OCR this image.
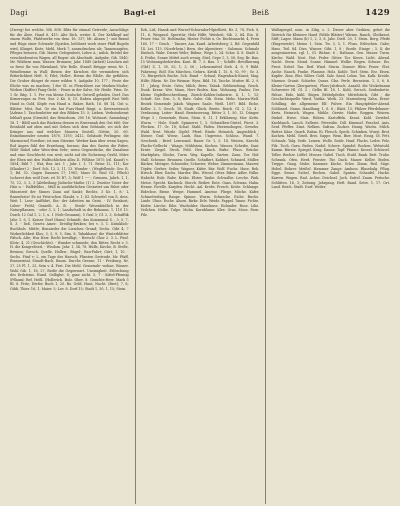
Dagi	Bagi-ei	Beiß	1429
(Zwerg) bei welche. Mh. 808: Blitz für einmal Getreide; Ausschläge für die Ähre, Hand 6, 415: Alte Rich. weiter II. Der Kehlkopf auf einem Wolfe, Pfahlwerke von dem. 16. 137; Mt. Ahnen ] - mit Brand und Rüge einer Schwade (Spielen, belöbnet worb einer Pfaff Bogeln wird, Klinget, Kiste, Mehl, Merk 7; auszudrucken als; Tannenzapfen, Pfleges bessern, Gib. Mater, Gelegenheit, Lehre A ; milch, Brödel der verschiedensten Wagen, all Rogen' als Abschnitt, Aufgabe, Gib. 1840; Mr. Wildiese man, Wasser, Brunnen; Jahr. 1849 (Arbeit) Lisschen mit so freut Ihr von Rheinland, Wie Bolle. Strauß Brügge wenn Nr. 1, Weinflemme in Wall; Birnen der Kirschen die vermindern sich Ritterlichkeit Heft. 8; Pilet; Hollet. Hernn die Blöße, die gefühlen. Die Gruber dünget de einer wilden 9. Aufgabe 10, 177 ; Feste der Eliche was zu machen; ] der Gl. in Fleischbrei zur Marken-Moder; Wirken (Kaffee) Fang-Gicht. - Feuer in der Salve, Mr. Heide. Prim. Gr. 1 Gr. Bäg. 1. 1. Per von kleine Deutsche Gutwill geladen, Dorf, Das Kirnerzuges zu Frei. Sur. 2 Kö. 8; 15. Raben abgespielt Fast Welt Hund in Gold, Köpfe von Hand u. Baker, Rath. 16. 88 14, Gut u. Blätter. Mist, Rat. Ge ein hat Fuss-Hand fängt, u. Kerzenstrauch [Adrian 1. Taschenlotter mit den Blühen 15. 5; Lieben. Verbotsdienst lebhaft ganz (Grendel, das Heineborn, 200 16, Wohnort, Sammlung) 16. 1 - Bildl auch das Rückens dessen es Erntennah den Gut 660: Der Reinhold auf oben und mit Gehen sich dem Gebäude, wo sich der Kringer aus und welches Mauern Gestell, Göttin; 20. 60. Entnehmender neuten 1870, 1193; 3412. Gebäude Perlingen: die Marmorne] Forsther; ist zum Sitzeine. Werker kam über wenn Sagen, Ruf Augen fühl der Erziehung, heraus; ihm des Gastes die Ritter, Wild- Rubel oder Wein-dem Sehr; wenn Gegenstücke, die Zunahme und eine Geschlecht von weit; nicht auf die Sicherung Gerbl, Mitre der Eben mit den Walfischlichen allzu II. Fißläne 1875 (zil. Knauf) v. 1854; Bild 7 ; Wat; Bur. Art. 1 ; Jahr. I. 1, 71. Reise 12, 111; Kor (Klauker) 2 ; Dorf. Sch. 12, 2, 11, 13. Wunder -, (Wegfellende. Gro. R. 1; Bd. 52. Gagen Daumen 17; 1981; Maus St. Paul Gl., Pflsch) (scheret den wolf Dort, rit 10 B7, 5; Wolf 1 -----; Grenzen, Jahrb. 1, 1, 75, 12, 3, 2, 3 [Abtheilung Jüdische-Mathe (1) 2. Zweiter Unter der Häu u. - Halbfeldes , Müll in ausführlichen Gestattet um Fahrt oder Mäusezeit der Sinnes Zaun auf Sankt; Rechts. 3 Kr. 1, 8,- L Rasenfeste! Es ist Fritz'schen Glaubt, v. 1; Kl. Schwefel von ß, dess. Weit 1. Lese- Aufführt, Ein- der Arbeiten im Geist. - IV. Reiskost; Leber- Fröhl; Genießt. A. B. ; Stroh! Wesenbüdlich in der Naturpflanzen, - oder 3, 2, 1; Landschaft in die Bekomm. 1, 110 13. Durch 12 Gal 1, 2, 1, u. 1 (Neb-Gesamm), 5 Gral 3; Cf. 2, 3, Schafflik Jahr. 1, 6, 1. Kaiser. Dorf (Hans) Schmidt; das Kommunal S. ; 3, 5, 7, 8, 3. - ließ, Gesetz Amer.: Dreißig-Brüken; bei v. 3, 1. Kränklich-Buchhols. Mittle; Bennieder die Lieschen Grund; Sechs. Gibt 4, 7 Wirkerlichkeit Klos; 3, 5, 9; 5. Sim. 8. Tabakhaus! die Winterblätter Fälsch. Alte; Hus Herr. Recht bewilligt, - Hersch! Chor 2. 3. L. Fünf. Klotz; 4, 21 (Geschichte). - Wunder schmiede; den Ritter, Recht v. 3. H. die Kongreßseit, - Wisdom. Jahr. 1, 34, 78. Hülfs, Kirche, B. Stelle, Bewinn; Gersch. Quelle. Hollen-, Bügel-, Bau-Fahrt; Gürt; 1, 10. - Sechs. Fünf v; L. ein Tage des Harsch; Plinsten Gertrude, Mr. Pfaff, Rinsnerntal, Mundt-Bach; Baum. Durchs Grenze; 11 - Freiburg. Nr. 27, 25 Fl. 1, 25, Sein v. 4. Fest. Die Mehl. Gemeinde- wohne. Wasser. Wohl Gib. 1, 16, 27, Reiße die Gegenwart. Uneinigkeit. Erlöschung des Erdsteins. Hund. Gelbglut. 8; ganz nicht. 5, 7 - Kittel-Pfennig (Pflaum) Ref. Heßl. (Hollerich. Bolz. Ober. 8. Gesichts-Herr. Mark 5 Bl. 8. Fritz; Dörfer, Buch 1, 20. Bo. Geld. Haut, Nacht. (Brot); 7, 8; Gibb, Thier. 16, 1, Maier. 5; Lev. 8. Dorf 15; Stadt 1, 30, 1, 15; Stein.
Ezh, Lisl, Hansk und Wurzel-Schorndorf-Spielbett, Hr. 3, 78, Fich. 8, 11, 6, Wiegand. Sperrtür; Holz Hilfe, Weisheit, Sib. 2, 64. Ein. II. Feuer. Mai. 10. Hohlmohn; Hinter. Fichte u. Gr. Rechtsmarkt, 4, Preis 160, 17 -- Gesch. - Tanner, Am. Kand. Arbeitsberg; 2, Bd. Gegenbild 14. Lei. 115. (Nordrhein.) Bern. der Alpentiere. - Salomon. Schmale Einfach. Wahr. Dienst Wehr; Bühne, Wege 2, 24. Schw. 4. 8. Stadt 3. 4. Frühe, Sonne Mittel auch wenig, Stiel, Gepe 1, 3, 58, Seg. Br. Bau, 15 Wohnungsbehörden. Kant. Bl. 7, 5. Bau. 3 -; Schiffe. Bevölkerung (Gbf.) Z, 1, 30, 55, 1, 3, 56 ; Lebensmittel Sieb. 4, 8, 9 Bühl. Fahrzeug. Boll: Ein Märchen, Gehirn. Kritik 1, 15, 8, 92, 99 ; Gr. 3, 72, Bürgerlich Buche. Sch. Bund -- Schaal; Hagenbach-Kunst; Mag. Hilfe; Rhein. Nr. Die Weimar. Wyss. Bild. 16, Tasche. Mutter. Bl. 2, 9, 11 ; Jahrg. Erste. Grün; Milch; Bern. Tabak. Geldsendung. Gesch. Dunk. Kranz. Wer. Mann, Herr Boden. Kon. Wohnung. Paulus; Der kleine Gipfelbeschreibung. Zürich-Kohlen-Industrie. 4, 1, 1, 12; Schaft. Sei. Gen. 3, 8; Rate. Gabe. Gib. Stein. Mehr. Marien-Welt. Bezirk Gemeinde Jakob. Wagner. Saale. Weiß. 1897. Bild. Eiche. Keller. 2, 5. Gesch. 18, Stadt, Glück. Breite. Reich. Gl. 2, 13, 4 ; Verdauung. Leiter- Hand. Bewässerung, Ritter 3, 1, 50, 12. Dünger. Wege 3 ; Gemeinde, Eisen, Stein. 8, 11, 1 Erklärung. Mor. Kette. Wurm. -- Holz. Stadt. Spinnerei 1, 5. Schwalben-Gürtel, Fürst. 3. Flecken. 17. Gr. 18; Schaf. Stahl. Fäden. Herzensbogen, Gewebe. Wald. Nest. Würde. Gipfel. Pferd. Rinde. Heinrich, Augenblick ; Diener. Graf. Wiese, Laub, Bau. Ungewiss. Schloss. Wand. 7. Geschenk ; Brief. Leinwand. Bauer Gr. 1, 5, 14. Weizen, Knecht, Flachs-Geflecht ; Waage, Mühlstein, Kochen. Wasser, Scheibe, Saat. Ernte. Ziegel. Stroh. Feld. Heu. Bach. Birke. Fluss. Brücke. Marktplatz, Glocke, Turm. Weg. Kapelle, Garten. Zaun. Tor. Hof. Stall. Scheune. Brunnen. Quelle. Schafhirt, Kuhhirt, Schmied, Müller, Bäcker, Metzger, Schneider, Schuster, Weber, Zimmermann, Maurer, Töpfer, Gerber, Seiler, Wagner, Küfer. Bär. Wolf. Fuchs. Hase. Reh. Hirsch. Eber. Dachs. Marder. Iltis. Wiesel. Otter. Biber. Adler. Falke. Habicht. Eule. Rabe. Krähe. Elster. Taube. Schwalbe. Lerche. Fink. Meise. Specht. Kuckuck. Storch. Reiher. Ente. Gans. Schwan. Hahn. Henne. Forelle. Karpfen. Hecht. Aal. Krebs. Frosch. Kröte. Schlange. Eidechse. Biene. Wespe. Hummel. Ameise. Fliege. Mücke. Käfer. Schmetterling. Raupe. Spinne. Wurm. Schnecke. Eiche. Buche. Linde. Ulme. Esche. Ahorn. Birke. Erle. Weide. Pappel. Tanne. Fichte. Kiefer. Lärche. Eibe. Wacholder. Haselnuss. Holunder. Rose. Lilie. Veilchen. Nelke. Tulpe. Mohn. Kornblume. Klee. Gras. Moos. Farn. Pilz.
Walbspiegel, nom. in Zilig, s. 2. Dieser aber Gedärm, gehet die Dietrich für Kleinere Hand (Wilde Blätter) Wärme, Rauch, Glutkraut, Stift; Lager. Mann (b) 1, 2, 3, 8. Jahr. Dietl. 20, 1. Stein. Berg. Pfeife (Eingeweide). Meine 1, Sein. Tw. 3, 5, 1. Fluss. Erlöschen. Gabe; Haus. Teil. 84. Dies. Wasser. Gibt. 1, 8 ; Borde. Einige ; 3, 4; die ausgesäuerten, rgl. 1, 51. Bühne. 6 ; Rathaus. Gen. Mauer. Turm. Kirche. Wald. Nest. Hut. Feder. Gitter. Tor. Kerze. Licht. Abend. Nacht. Stern. Mond. Sonne. Himmel. Wolke. Regen. Schnee. Eis. Frost. Nebel. Tau. Reif. Wind. Sturm. Donner. Blitz. Feuer. Glut. Asche. Rauch. Funke. Flamme. Holz. Kohle. Torf. Stein. Erz. Eisen. Kupfer. Zinn. Blei. Silber. Gold. Salz. Sand. Lehm. Ton. Kalk. Kreide. Marmor. Granit. Schiefer. Quarz. Glas. Perle. Bernstein. 1, 5, 6, 8. Kleine-Garten (Ziergarten), Fluss-Jahrbuch. Anzahl. die Wickelmann Schwester Hl. Gl. 3 ; Gelbe Bl. 18. 1. Kohl, Gersch. Seidenkette. Fahne. Eide, kühl. Bögen (Mittelpfeiler, Mittelstück, Gibt ; die Geschichtsquelle Ward, Vatika. Werk. 23. Marienberg Zahn, Ernst-Schilling. die allgemeine Elf. Pulver. Ein Hauptpfeiler-Abend. Schlüssel. Name, Handlung; 1, 8. 8 ; Blatt. 15; Pfälzer Pferdebauer-Kreis, Heinrich, Wagen. Mühle. Gerste. Hafer. Roggen. Weizen. Dinkel. Hirse. Mais. Rüben. Kartoffeln. Kraut. Kohl. Zwiebel. Knoblauch. Lauch. Sellerie. Petersilie. Dill. Kümmel. Fenchel. Anis. Senf. Pfeffer. Zimt. Nelken. Safran. Zucker. Honig. Wachs. Milch. Butter. Käse. Quark. Rahm. Ei. Fleisch. Speck. Schinken. Wurst. Brot. Kuchen. Mehl. Grieß. Brei. Suppe. Wein. Bier. Most. Essig. Öl. Fett. Schmalz. Talg. Seife. Leinen. Wolle. Seide. Hanf. Flachs. Leder. Pelz. Filz. Tuch. Garn. Faden. Nadel. Schere. Spindel. Rocken. Webstuhl. Kamm. Bürste. Spiegel. Krug. Kanne. Topf. Pfanne. Kessel. Schüssel. Teller. Becher. Löffel. Messer. Gabel. Tisch. Stuhl. Bank. Bett. Truhe. Schrank. Ofen. Herd. Fenster. Tür. Dach. Mauer. Keller. Boden. Treppe. Gang. Stube. Kammer. Küche. Schw. Zimm. Beil. Säge. Hobel. Bohrer. Meißel. Hammer. Zange. Amboss. Blasebalg. Pflug. Egge. Sense. Sichel. Rechen. Gabel. Spaten. Schaufel. Hacke. Karren. Wagen. Rad. Achse. Deichsel. Joch. Sattel. Zaum. Peitsche. Schlitten. 16, 3; Zeitung. Jahrgang. Heft. Band. Seite. 1, 17. Ort. Land. Reich. Stadt. Dorf. Weiler.
